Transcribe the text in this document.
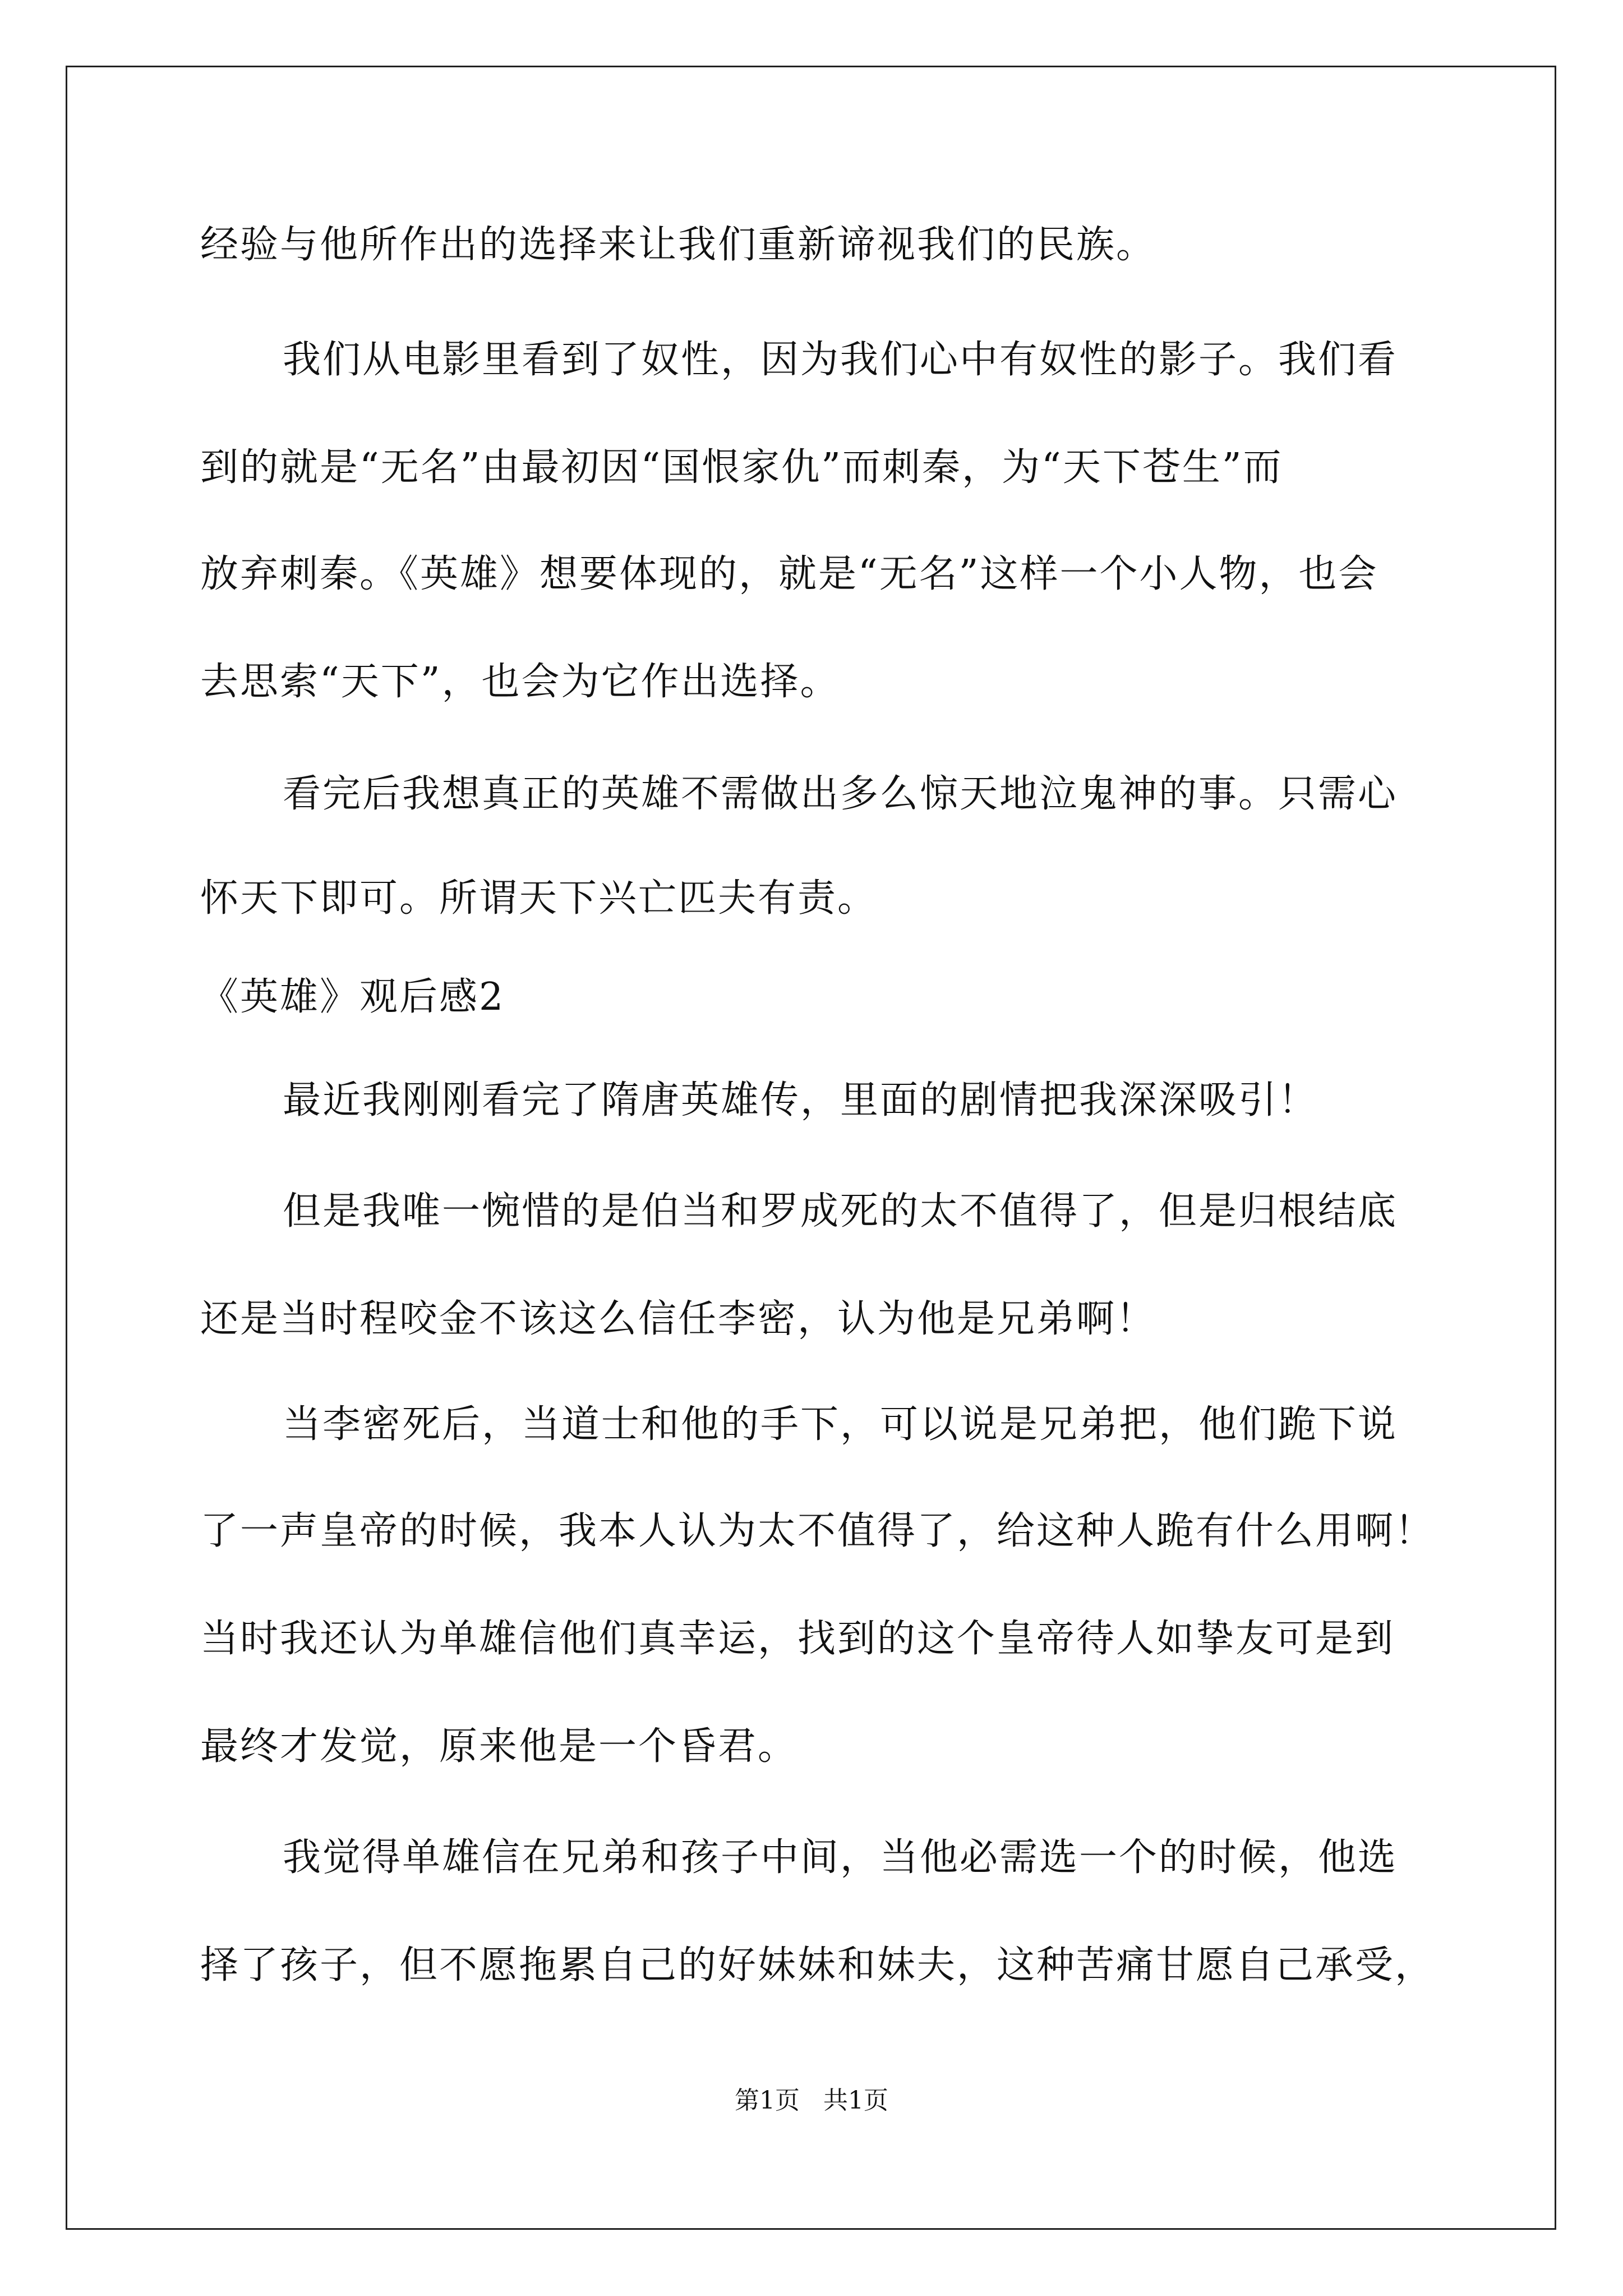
经验与他所作出的选择来让我们重新谛视我们的民族。
我们从电影里看到了奴性，因为我们心中有奴性的影子。我们看
到的就是“无名”由最初因“国恨家仇”而刺秦，为“天下苍生”而
放弃刺秦。《英雄》想要体现的，就是“无名”这样一个小人物，也会
去思索“天下”，也会为它作出选择。
看完后我想真正的英雄不需做出多么惊天地泣鬼神的事。只需心
怀天下即可。所谓天下兴亡匹夫有责。
《英雄》观后感2
最近我刚刚看完了隋唐英雄传，里面的剧情把我深深吸引！
但是我唯一惋惜的是伯当和罗成死的太不值得了，但是归根结底
还是当时程咬金不该这么信任李密，认为他是兄弟啊！
当李密死后，当道士和他的手下，可以说是兄弟把，他们跪下说
了一声皇帝的时候，我本人认为太不值得了，给这种人跪有什么用啊！
当时我还认为单雄信他们真幸运，找到的这个皇帝待人如挚友可是到
最终才发觉，原来他是一个昏君。
我觉得单雄信在兄弟和孩子中间，当他必需选一个的时候，他选
择了孩子，但不愿拖累自己的好妹妹和妹夫，这种苦痛甘愿自己承受，
第1页   共1页
